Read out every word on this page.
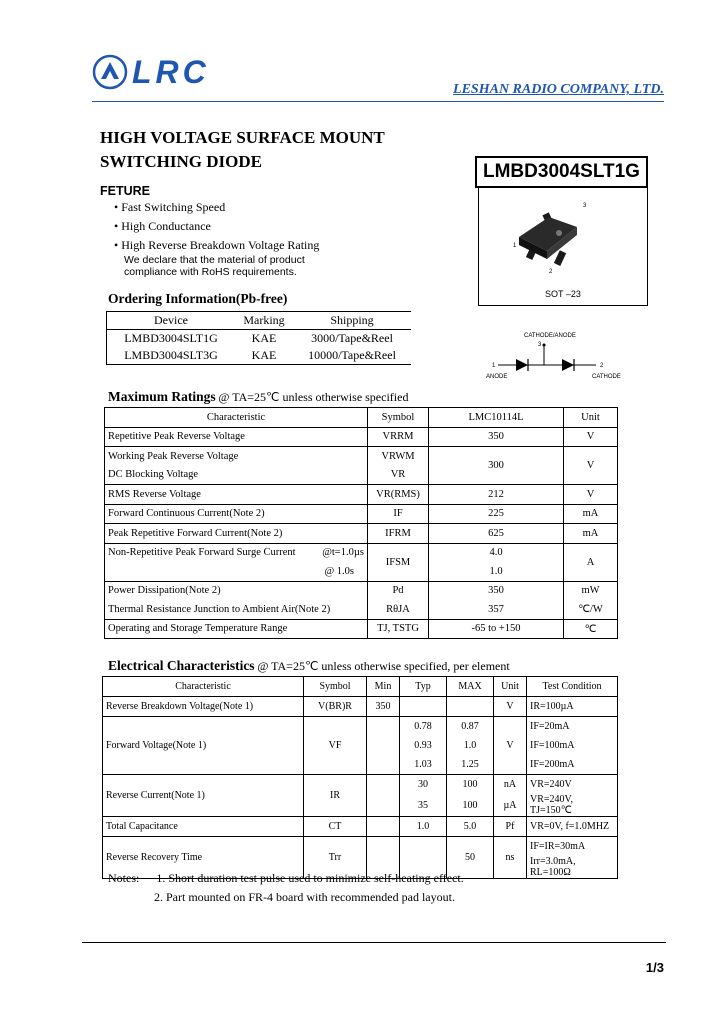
LRC	LESHAN RADIO COMPANY, LTD.
HIGH VOLTAGE SURFACE MOUNT
SWITCHING DIODE	LMBD3004SLT1G
FETURE
• Fast Switching Speed
• High Conductance
• High Reverse Breakdown Voltage Rating
We declare that the material of product
compliance with RoHS requirements.
3
1
2
SOT –23
CATHODE/ANODE
3
1	2
ANODE	CATHODE
Ordering Information(Pb-free)
Device	Marking	Shipping
LMBD3004SLT1G	KAE	3000/Tape&Reel
LMBD3004SLT3G	KAE	10000/Tape&Reel
Maximum Ratings @ TA=25℃ unless otherwise specified
Characteristic	Symbol	LMC10114L	Unit
Repetitive Peak Reverse Voltage	VRRM	350	V
Working Peak Reverse Voltage	VRWM	300	V
DC Blocking Voltage	VR		
RMS Reverse Voltage	VR(RMS)	212	V
Forward Continuous Current(Note 2)	IF	225	mA
Peak Repetitive Forward Current(Note 2)	IFRM	625	mA
Non-Repetitive Peak Forward Surge Current @t=1.0µs	IFSM	4.0	A

@ 1.0s		1.0	
Power Dissipation(Note 2)	Pd	350	mW
Thermal Resistance Junction to Ambient Air(Note 2)	RθJA	357	℃/W
Operating and Storage Temperature Range	TJ, TSTG	-65 to +150	℃
Electrical Characteristics @ TA=25℃ unless otherwise specified, per element
Characteristic	Symbol	Min	Typ	MAX	Unit	Test Condition
Reverse Breakdown Voltage(Note 1)	V(BR)R	350			V	IR=100µA
Forward Voltage(Note 1)	VF		0.78	0.87	V	IF=20mA
			0.93	1.0		IF=100mA
			1.03	1.25		IF=200mA
Reverse Current(Note 1)	IR		30	100	nA	VR=240V
			35	100	µA	VR=240V, TJ=150℃
Total Capacitance	CT		1.0	5.0	Pf	VR=0V, f=1.0MHZ
Reverse Recovery Time	Trr			50	ns	IF=IR=30mA
						Irr=3.0mA, RL=100Ω
Notes: 1. Short duration test pulse used to minimize self-heating effect.
2. Part mounted on FR-4 board with recommended pad layout.
1/3
